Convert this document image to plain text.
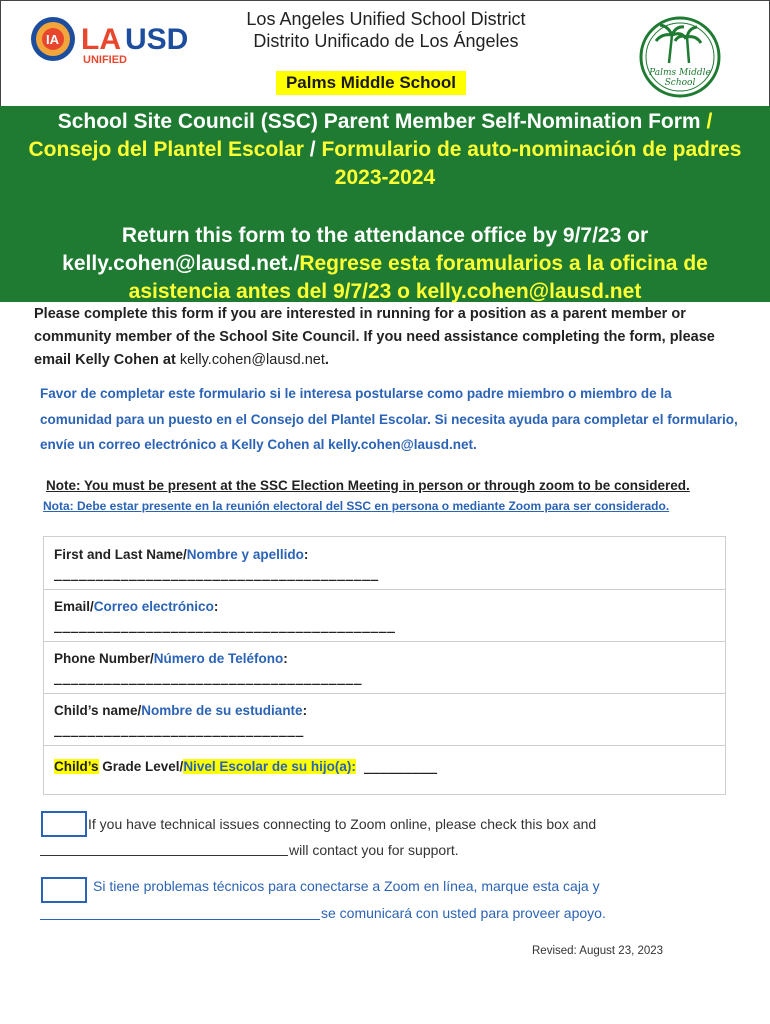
IA LA USD
UNIFIED
Los Angeles Unified School District
Distrito Unificado de Los Ángeles
Palms Middle School	Palms Middle
School
School Site Council (SSC) Parent Member Self-Nomination Form /
Consejo del Plantel Escolar / Formulario de auto-nominación de padres 2023-2024
Return this form to the attendance office by 9/7/23 or
kelly.cohen@lausd.net./Regrese esta foramularios a la oficina de
asistencia antes del 9/7/23 o kelly.cohen@lausd.net
Please complete this form if you are interested in running for a position as a parent member or community member of the School Site Council. If you need assistance completing the form, please email Kelly Cohen at kelly.cohen@lausd.net.
Favor de completar este formulario si le interesa postularse como padre miembro o miembro de la comunidad para un puesto en el Consejo del Plantel Escolar. Si necesita ayuda para completar el formulario, envíe un correo electrónico a Kelly Cohen al kelly.cohen@lausd.net.
Note: You must be present at the SSC Election Meeting in person or through zoom to be considered.
Nota: Debe estar presente en la reunión electoral del SSC en persona o mediante Zoom para ser considerado.
First and Last Name/Nombre y apellido:
_______________________________________
Email/Correo electrónico:
_________________________________________
Phone Number/Número de Teléfono:
_____________________________________
Child’s name/Nombre de su estudiante:
______________________________
Child’s Grade Level/Nivel Escolar de su hijo(a): _________
If you have technical issues connecting to Zoom online, please check this box and
will contact you for support.
Si tiene problemas técnicos para conectarse a Zoom en línea, marque esta caja y
se comunicará con usted para proveer apoyo.
Revised: August 23, 2023
